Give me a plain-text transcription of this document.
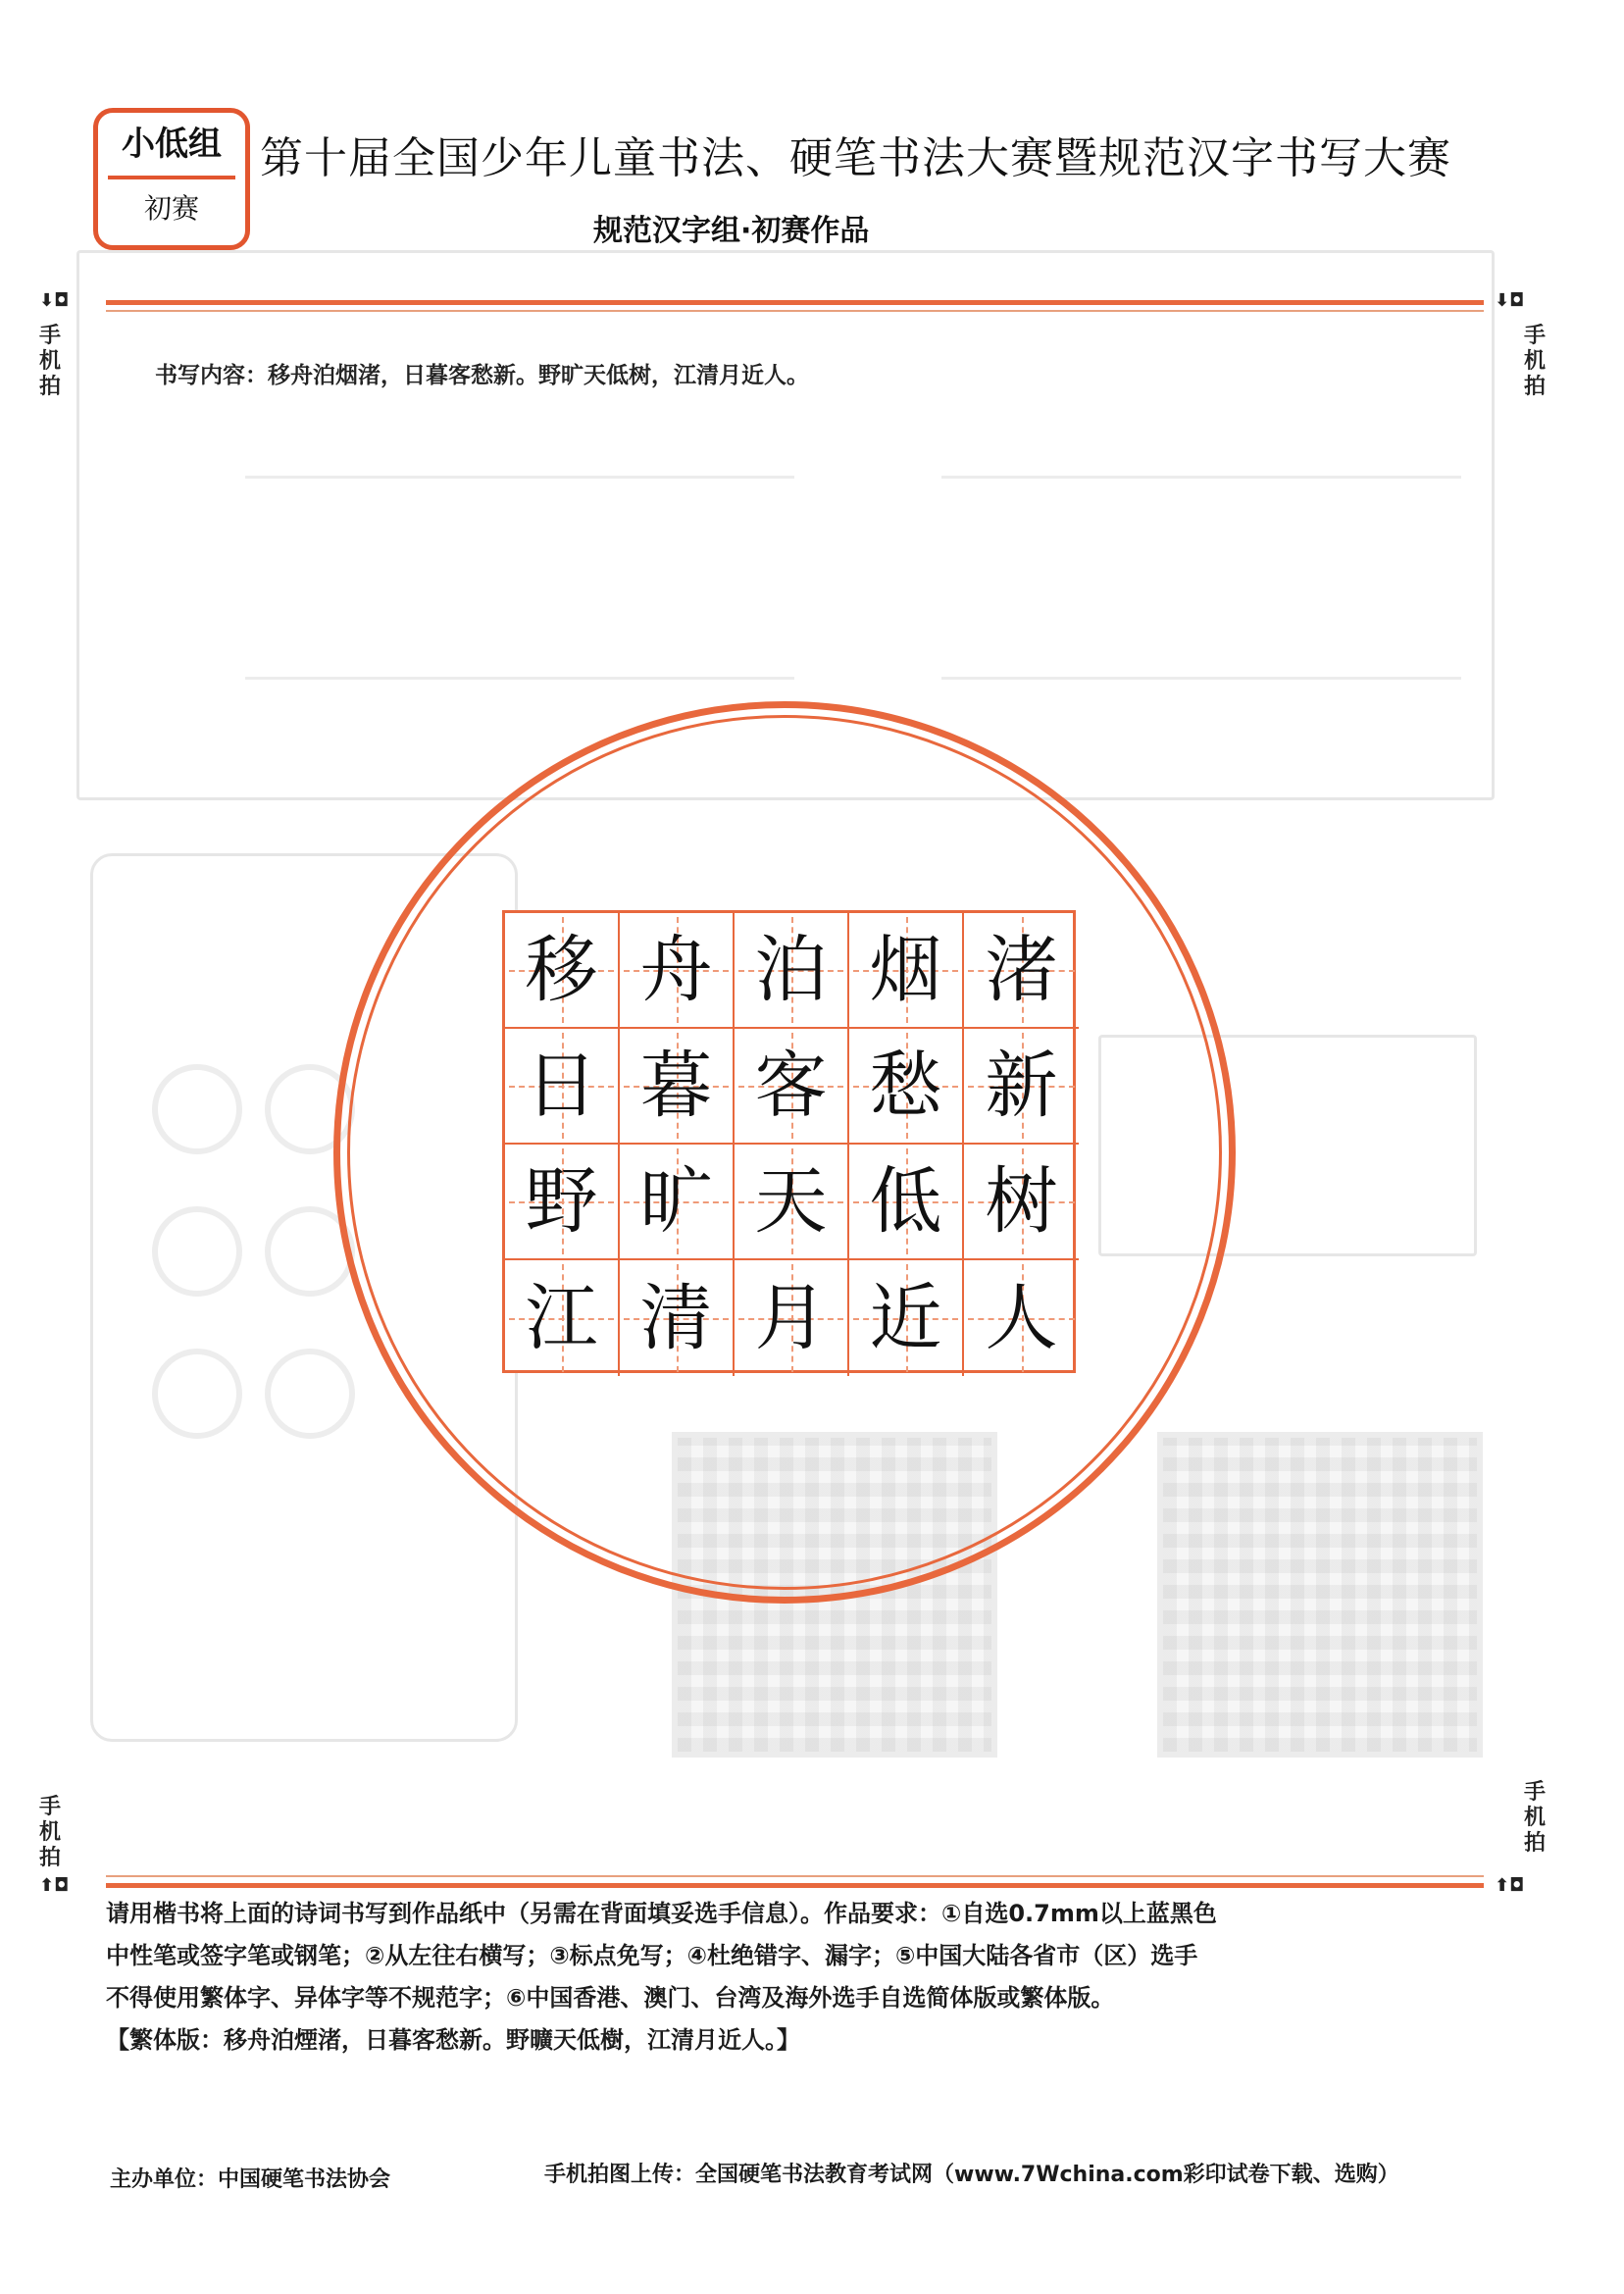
小低组
初赛
第十届全国少年儿童书法、硬笔书法大赛暨规范汉字书写大赛
规范汉字组·初赛作品
⬇◘
手机拍
⬇◘
手机拍
书写内容：移舟泊烟渚，日暮客愁新。野旷天低树，江清月近人。
移 舟 泊 烟 渚
日 暮 客 愁 新
野 旷 天 低 树
江 清 月 近 人
手机拍
⬆◘
手机拍
⬆◘

请用楷书将上面的诗词书写到作品纸中（另需在背面填妥选手信息）。作品要求：①自选0.7mm以上蓝黑色

中性笔或签字笔或钢笔；②从左往右横写；③标点免写；④杜绝错字、漏字；⑤中国大陆各省市（区）选手

不得使用繁体字、异体字等不规范字；⑥中国香港、澳门、台湾及海外选手自选简体版或繁体版。

【繁体版：移舟泊煙渚，日暮客愁新。野曠天低樹，江清月近人。】

主办单位：中国硬笔书法协会	手机拍图上传：全国硬笔书法教育考试网（www.7Wchina.com彩印试卷下载、选购）
